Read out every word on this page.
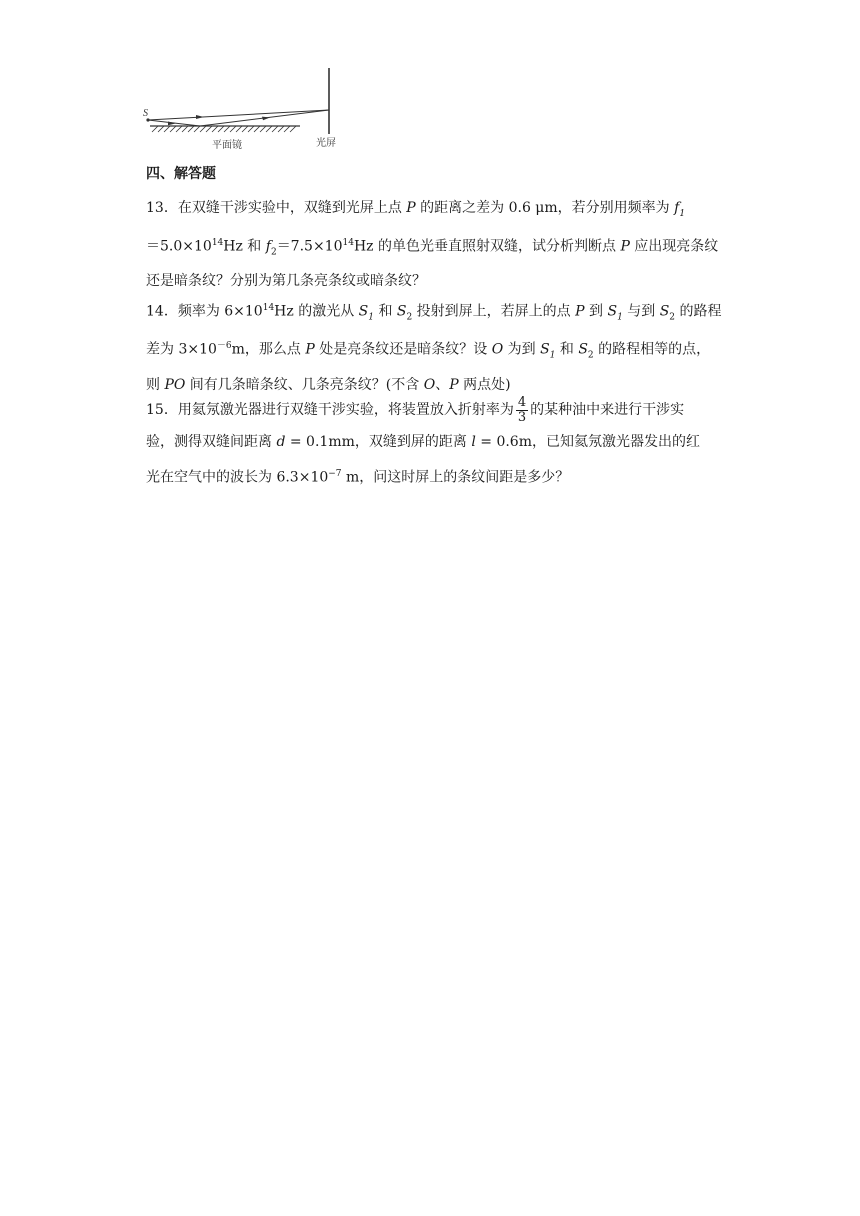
S
平面镜	光屏
四、解答题
13．在双缝干涉实验中，双缝到光屏上点 P 的距离之差为 0.6 μm，若分别用频率为 $f_1$
$=5.0\times 10^{14}Hz$ 和 $f_2=7.5\times 10^{14}Hz$ 的单色光垂直照射双缝，试分析判断点 P 应出现亮条纹
还是暗条纹？分别为第几条亮条纹或暗条纹？
14．频率为 $6\times 10^{14}Hz$ 的激光从 $S_1$ 和 $S_2$ 投射到屏上，若屏上的点 P 到 $S_1$ 与到 $S_2$ 的路程
差为 $3\times 10^{-6}m$，那么点 P 处是亮条纹还是暗条纹？设 O 为到 $S_1$ 和 $S_2$ 的路程相等的点，
则 PO 间有几条暗条纹、几条亮条纹？(不含 O、P 两点处)
15．用氦氖激光器进行双缝干涉实验，将装置放入折射率为 $\frac{4}{3}$ 的某种油中来进行干涉实
验，测得双缝间距离 d = 0.1mm，双缝到屏的距离 l = 0.6m，已知氦氖激光器发出的红
光在空气中的波长为 $6.3\times 10^{-7}$ m，问这时屏上的条纹间距是多少？
